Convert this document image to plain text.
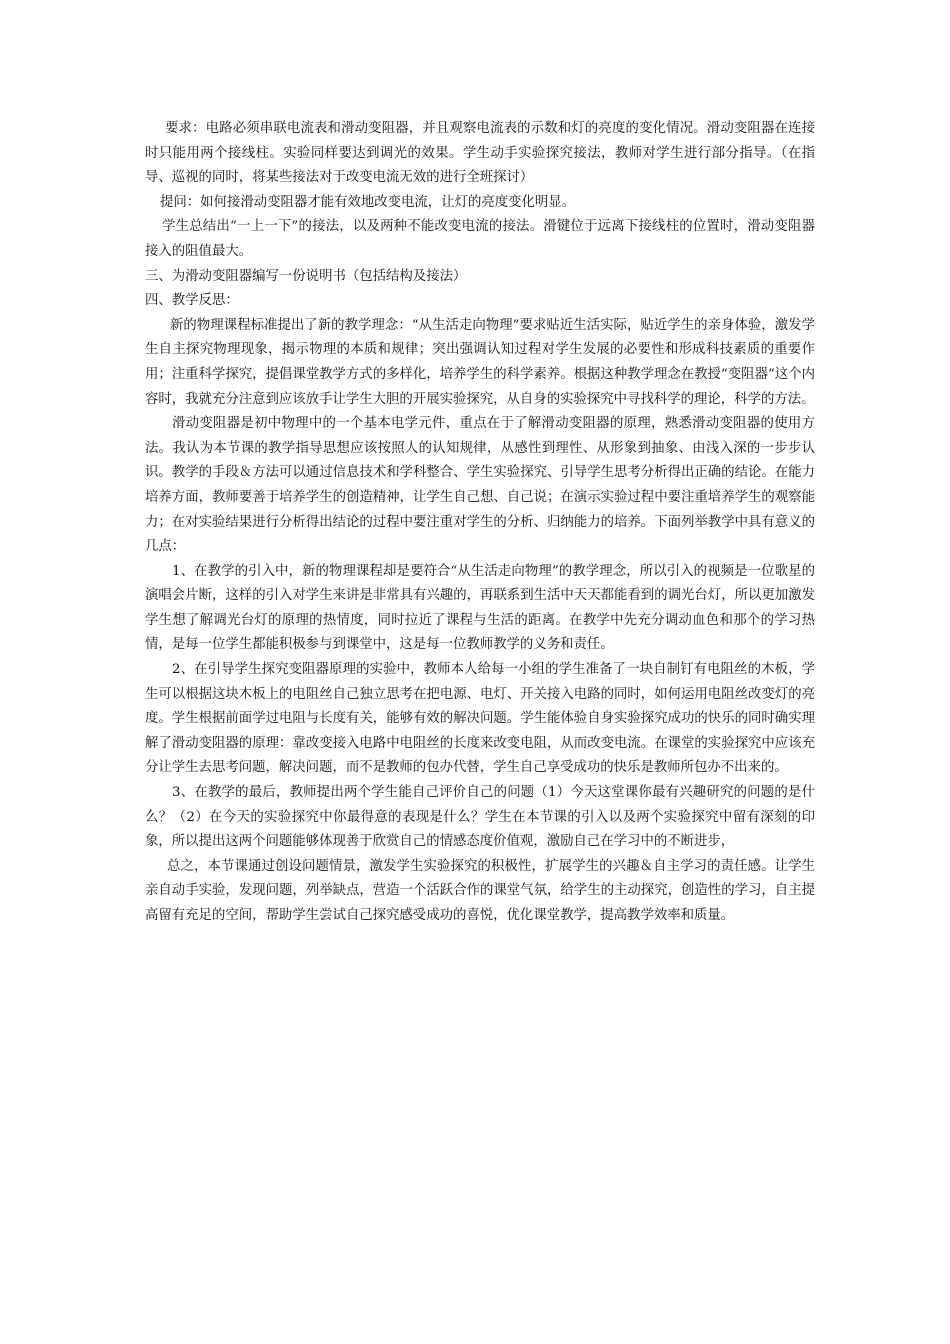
要求：电路必须串联电流表和滑动变阻器，并且观察电流表的示数和灯的亮度的变化情况。滑动变阻器在连接时只能用两个接线柱。实验同样要达到调光的效果。学生动手实验探究接法，教师对学生进行部分指导。（在指导、巡视的同时，将某些接法对于改变电流无效的进行全班探讨）

提问：如何接滑动变阻器才能有效地改变电流，让灯的亮度变化明显。

学生总结出“一上一下”的接法，以及两种不能改变电流的接法。滑键位于远离下接线柱的位置时，滑动变阻器接入的阻值最大。

三、为滑动变阻器编写一份说明书（包括结构及接法）

四、教学反思：

新的物理课程标准提出了新的教学理念：“从生活走向物理”要求贴近生活实际，贴近学生的亲身体验，激发学生自主探究物理现象，揭示物理的本质和规律；突出强调认知过程对学生发展的必要性和形成科技素质的重要作用；注重科学探究，提倡课堂教学方式的多样化，培养学生的科学素养。根据这种教学理念在教授“变阻器”这个内容时，我就充分注意到应该放手让学生大胆的开展实验探究，从自身的实验探究中寻找科学的理论，科学的方法。

滑动变阻器是初中物理中的一个基本电学元件，重点在于了解滑动变阻器的原理，熟悉滑动变阻器的使用方法。我认为本节课的教学指导思想应该按照人的认知规律，从感性到理性、从形象到抽象、由浅入深的一步步认识。教学的手段＆方法可以通过信息技术和学科整合、学生实验探究、引导学生思考分析得出正确的结论。在能力培养方面，教师要善于培养学生的创造精神，让学生自己想、自己说；在演示实验过程中要注重培养学生的观察能力；在对实验结果进行分析得出结论的过程中要注重对学生的分析、归纳能力的培养。下面列举教学中具有意义的几点：

1、在教学的引入中，新的物理课程却是要符合“从生活走向物理”的教学理念，所以引入的视频是一位歌星的演唱会片断，这样的引入对学生来讲是非常具有兴趣的，再联系到生活中天天都能看到的调光台灯，所以更加激发学生想了解调光台灯的原理的热情度，同时拉近了课程与生活的距离。在教学中先充分调动血色和那个的学习热情，是每一位学生都能积极参与到课堂中，这是每一位教师教学的义务和责任。

2、在引导学生探究变阻器原理的实验中，教师本人给每一小组的学生准备了一块自制钉有电阻丝的木板，学生可以根据这块木板上的电阻丝自己独立思考在把电源、电灯、开关接入电路的同时，如何运用电阻丝改变灯的亮度。学生根据前面学过电阻与长度有关，能够有效的解决问题。学生能体验自身实验探究成功的快乐的同时确实理解了滑动变阻器的原理：靠改变接入电路中电阻丝的长度来改变电阻，从而改变电流。在课堂的实验探究中应该充分让学生去思考问题，解决问题，而不是教师的包办代替，学生自己享受成功的快乐是教师所包办不出来的。

3、在教学的最后，教师提出两个学生能自己评价自己的问题（1）今天这堂课你最有兴趣研究的问题的是什么？（2）在今天的实验探究中你最得意的表现是什么？学生在本节课的引入以及两个实验探究中留有深刻的印象，所以提出这两个问题能够体现善于欣赏自己的情感态度价值观，激励自己在学习中的不断进步，

总之，本节课通过创设问题情景，激发学生实验探究的积极性，扩展学生的兴趣＆自主学习的责任感。让学生亲自动手实验，发现问题，列举缺点，营造一个活跃合作的课堂气氛，给学生的主动探究，创造性的学习，自主提高留有充足的空间，帮助学生尝试自己探究感受成功的喜悦，优化课堂教学，提高教学效率和质量。
